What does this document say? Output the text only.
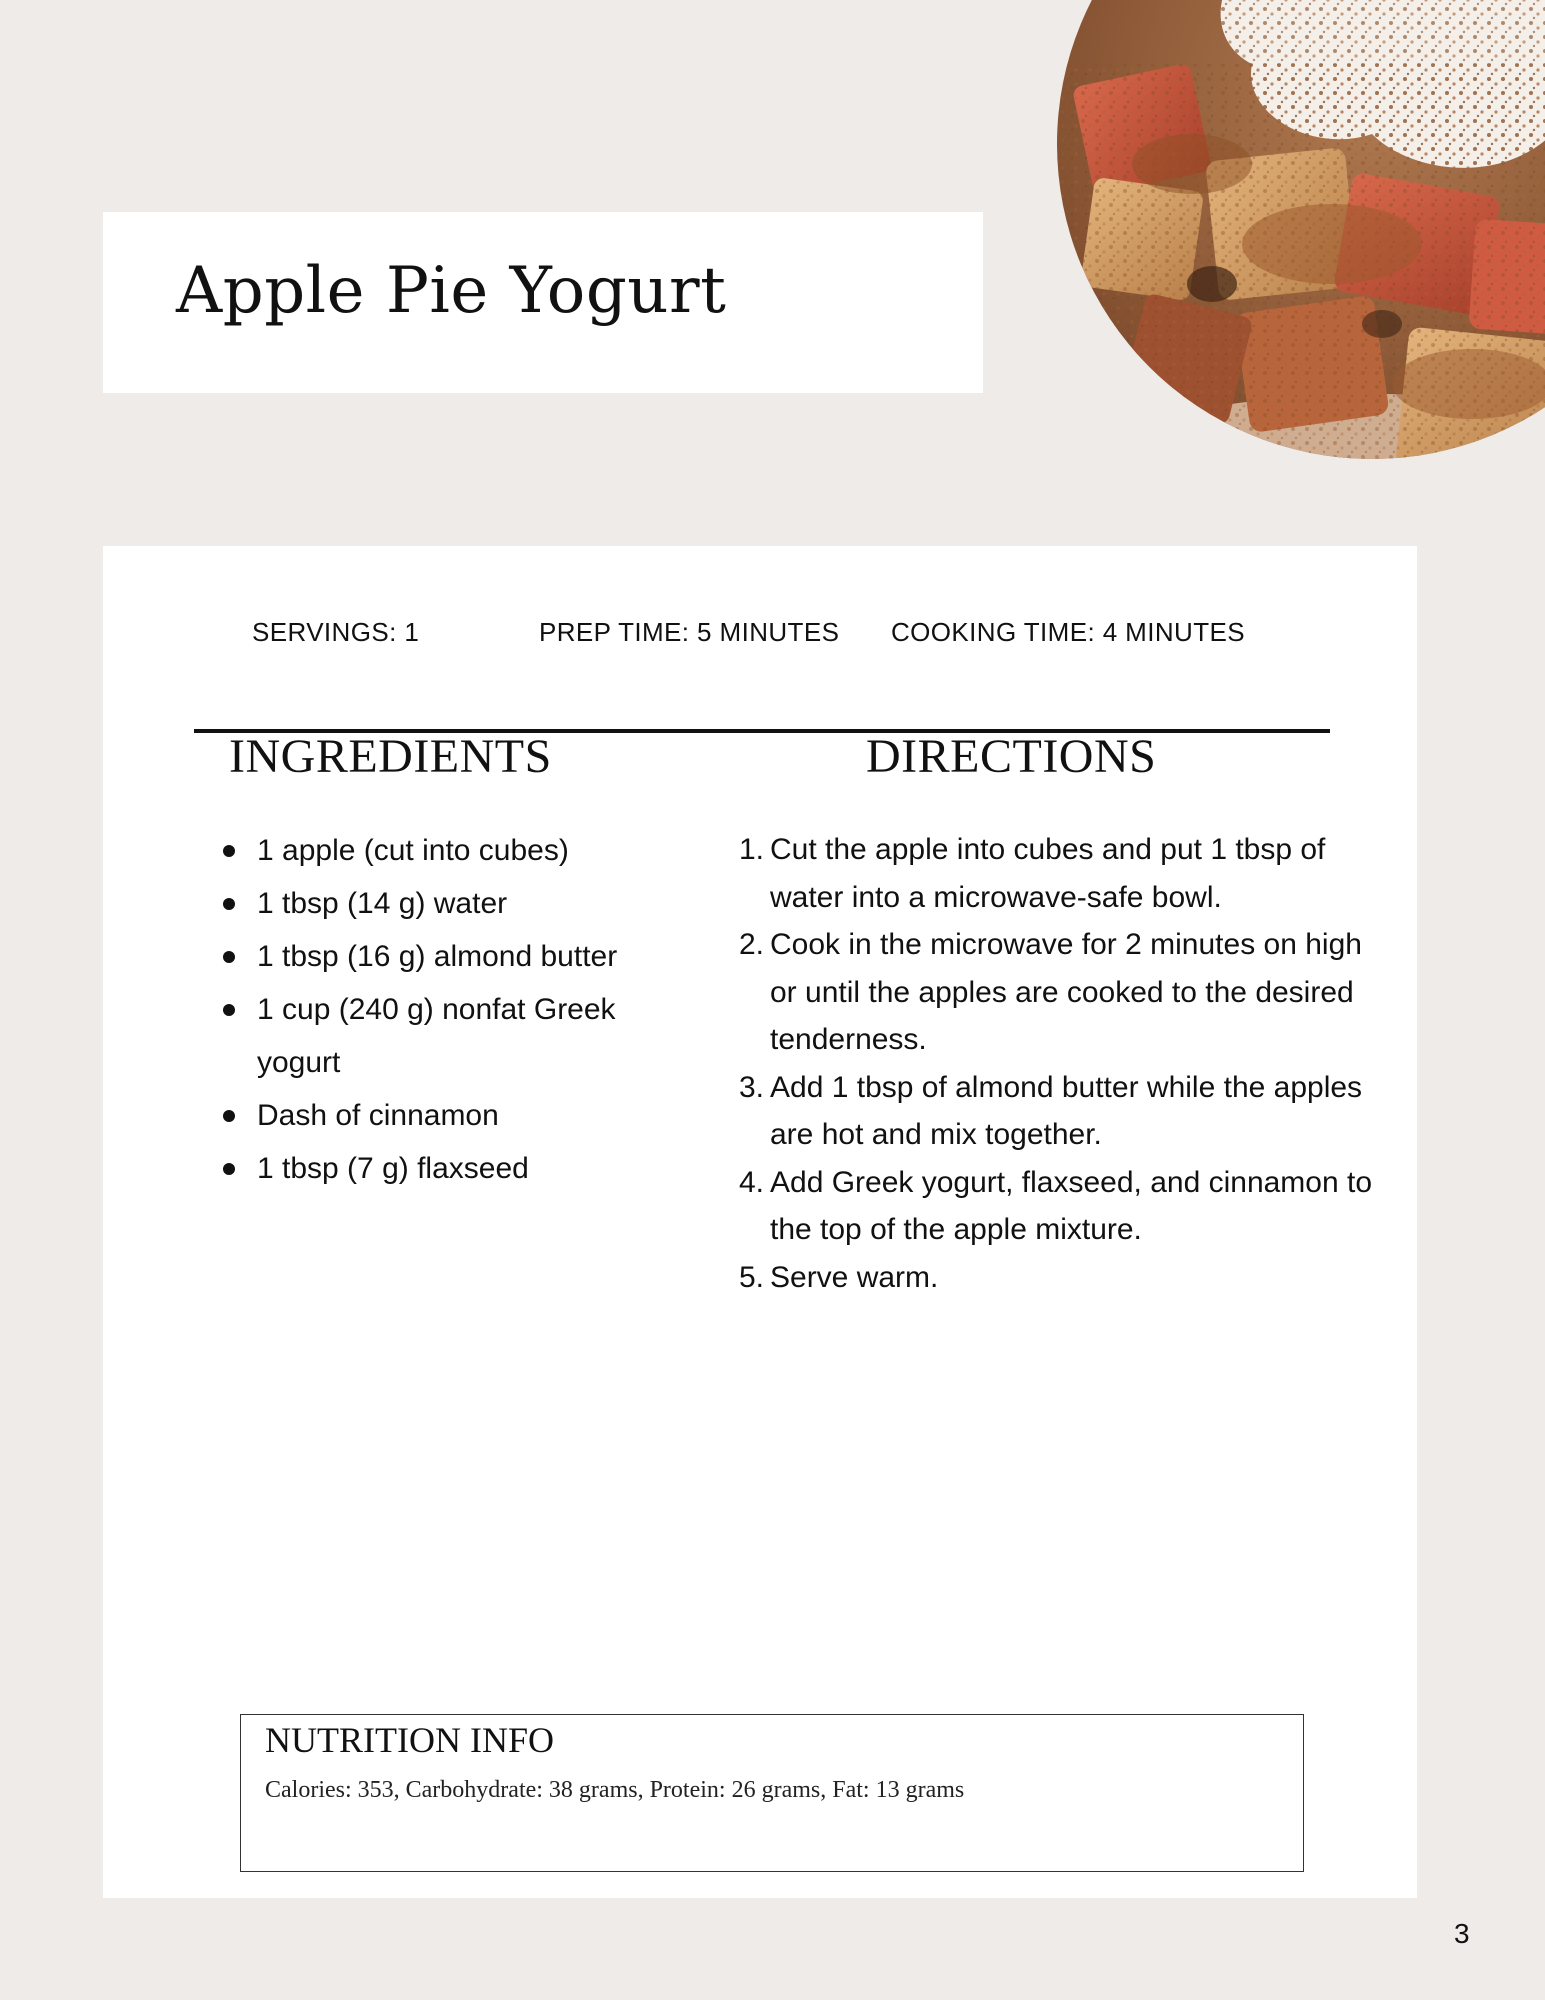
Apple Pie Yogurt
SERVINGS: 1	PREP TIME: 5 MINUTES COOKING TIME: 4 MINUTES
INGREDIENTS	DIRECTIONS
1 apple (cut into cubes)
1 tbsp (14 g) water
1 tbsp (16 g) almond butter
1 cup (240 g) nonfat Greek yogurt
Dash of cinnamon
1 tbsp (7 g) flaxseed
1. Cut the apple into cubes and put 1 tbsp of water into a microwave-safe bowl.
2. Cook in the microwave for 2 minutes on high or until the apples are cooked to the desired tenderness.
3. Add 1 tbsp of almond butter while the apples are hot and mix together.
4. Add Greek yogurt, flaxseed, and cinnamon to the top of the apple mixture.
5. Serve warm.
NUTRITION INFO

Calories: 353, Carbohydrate: 38 grams, Protein: 26 grams, Fat: 13 grams

3
